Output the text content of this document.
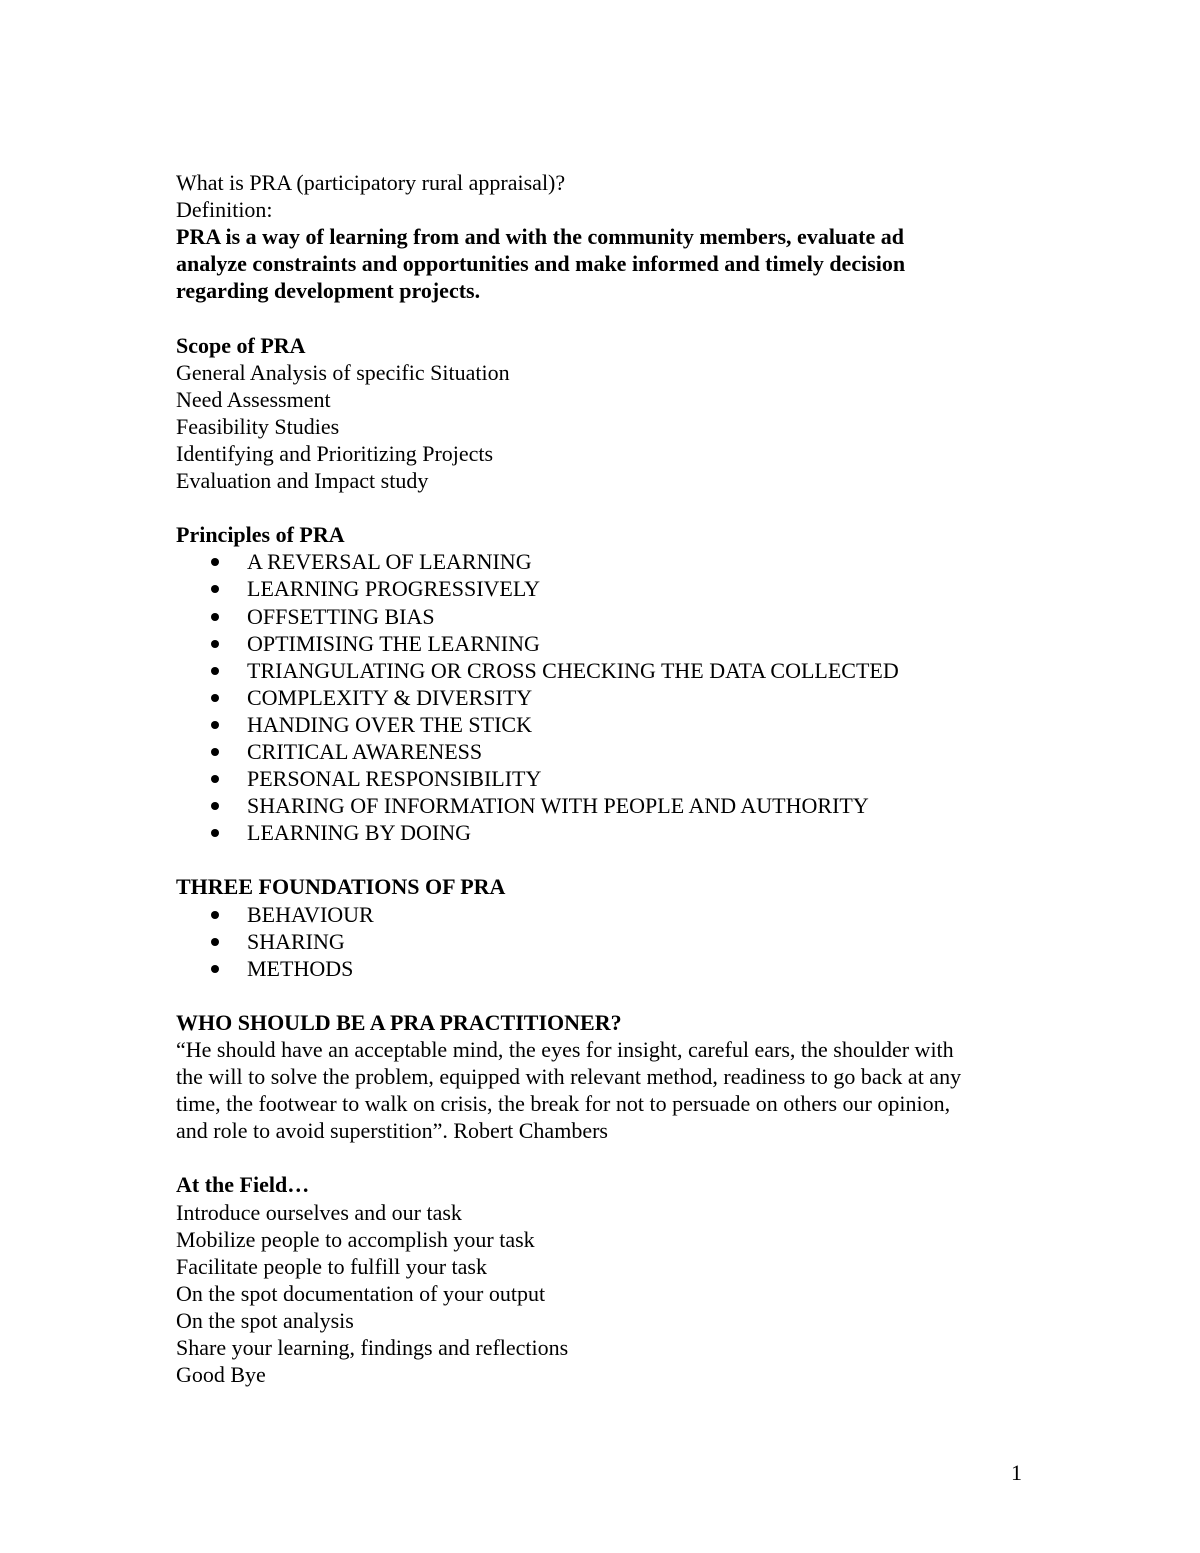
What is PRA (participatory rural appraisal)?

Definition:

PRA is a way of learning from and with the community members, evaluate ad

analyze constraints and opportunities and make informed and timely decision

regarding development projects.

Scope of PRA

General Analysis of specific Situation

Need Assessment

Feasibility Studies

Identifying and Prioritizing Projects

Evaluation and Impact study

Principles of PRA

A REVERSAL OF LEARNING
LEARNING PROGRESSIVELY
OFFSETTING BIAS
OPTIMISING THE LEARNING
TRIANGULATING OR CROSS CHECKING THE DATA COLLECTED
COMPLEXITY & DIVERSITY
HANDING OVER THE STICK
CRITICAL AWARENESS
PERSONAL RESPONSIBILITY
SHARING OF INFORMATION WITH PEOPLE AND AUTHORITY
LEARNING BY DOING

THREE FOUNDATIONS OF PRA

BEHAVIOUR
SHARING
METHODS

WHO SHOULD BE A PRA PRACTITIONER?

“He should have an acceptable mind, the eyes for insight, careful ears, the shoulder with

the will to solve the problem, equipped with relevant method, readiness to go back at any

time, the footwear to walk on crisis, the break for not to persuade on others our opinion,

and role to avoid superstition”. Robert Chambers

At the Field…

Introduce ourselves and our task

Mobilize people to accomplish your task

Facilitate people to fulfill your task

On the spot documentation of your output

On the spot analysis

Share your learning, findings and reflections

Good Bye

1
